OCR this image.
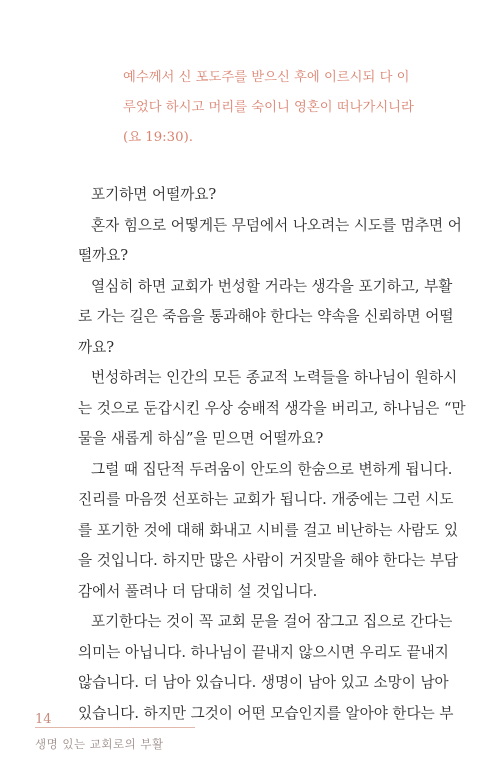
예수께서 신 포도주를 받으신 후에 이르시되 다 이
루었다 하시고 머리를 숙이니 영혼이 떠나가시니라
(요 19:30).
포기하면 어떨까요?
혼자 힘으로 어떻게든 무덤에서 나오려는 시도를 멈추면 어
떨까요?
열심히 하면 교회가 번성할 거라는 생각을 포기하고, 부활
로 가는 길은 죽음을 통과해야 한다는 약속을 신뢰하면 어떨
까요?
번성하려는 인간의 모든 종교적 노력들을 하나님이 원하시
는 것으로 둔갑시킨 우상 숭배적 생각을 버리고, 하나님은 “만
물을 새롭게 하심”을 믿으면 어떨까요?
그럴 때 집단적 두려움이 안도의 한숨으로 변하게 됩니다.
진리를 마음껏 선포하는 교회가 됩니다. 개중에는 그런 시도
를 포기한 것에 대해 화내고 시비를 걸고 비난하는 사람도 있
을 것입니다. 하지만 많은 사람이 거짓말을 해야 한다는 부담
감에서 풀려나 더 담대히 설 것입니다.
포기한다는 것이 꼭 교회 문을 걸어 잠그고 집으로 간다는
의미는 아닙니다. 하나님이 끝내지 않으시면 우리도 끝내지
않습니다. 더 남아 있습니다. 생명이 남아 있고 소망이 남아
있습니다. 하지만 그것이 어떤 모습인지를 알아야 한다는 부
14
생명 있는 교회로의 부활
